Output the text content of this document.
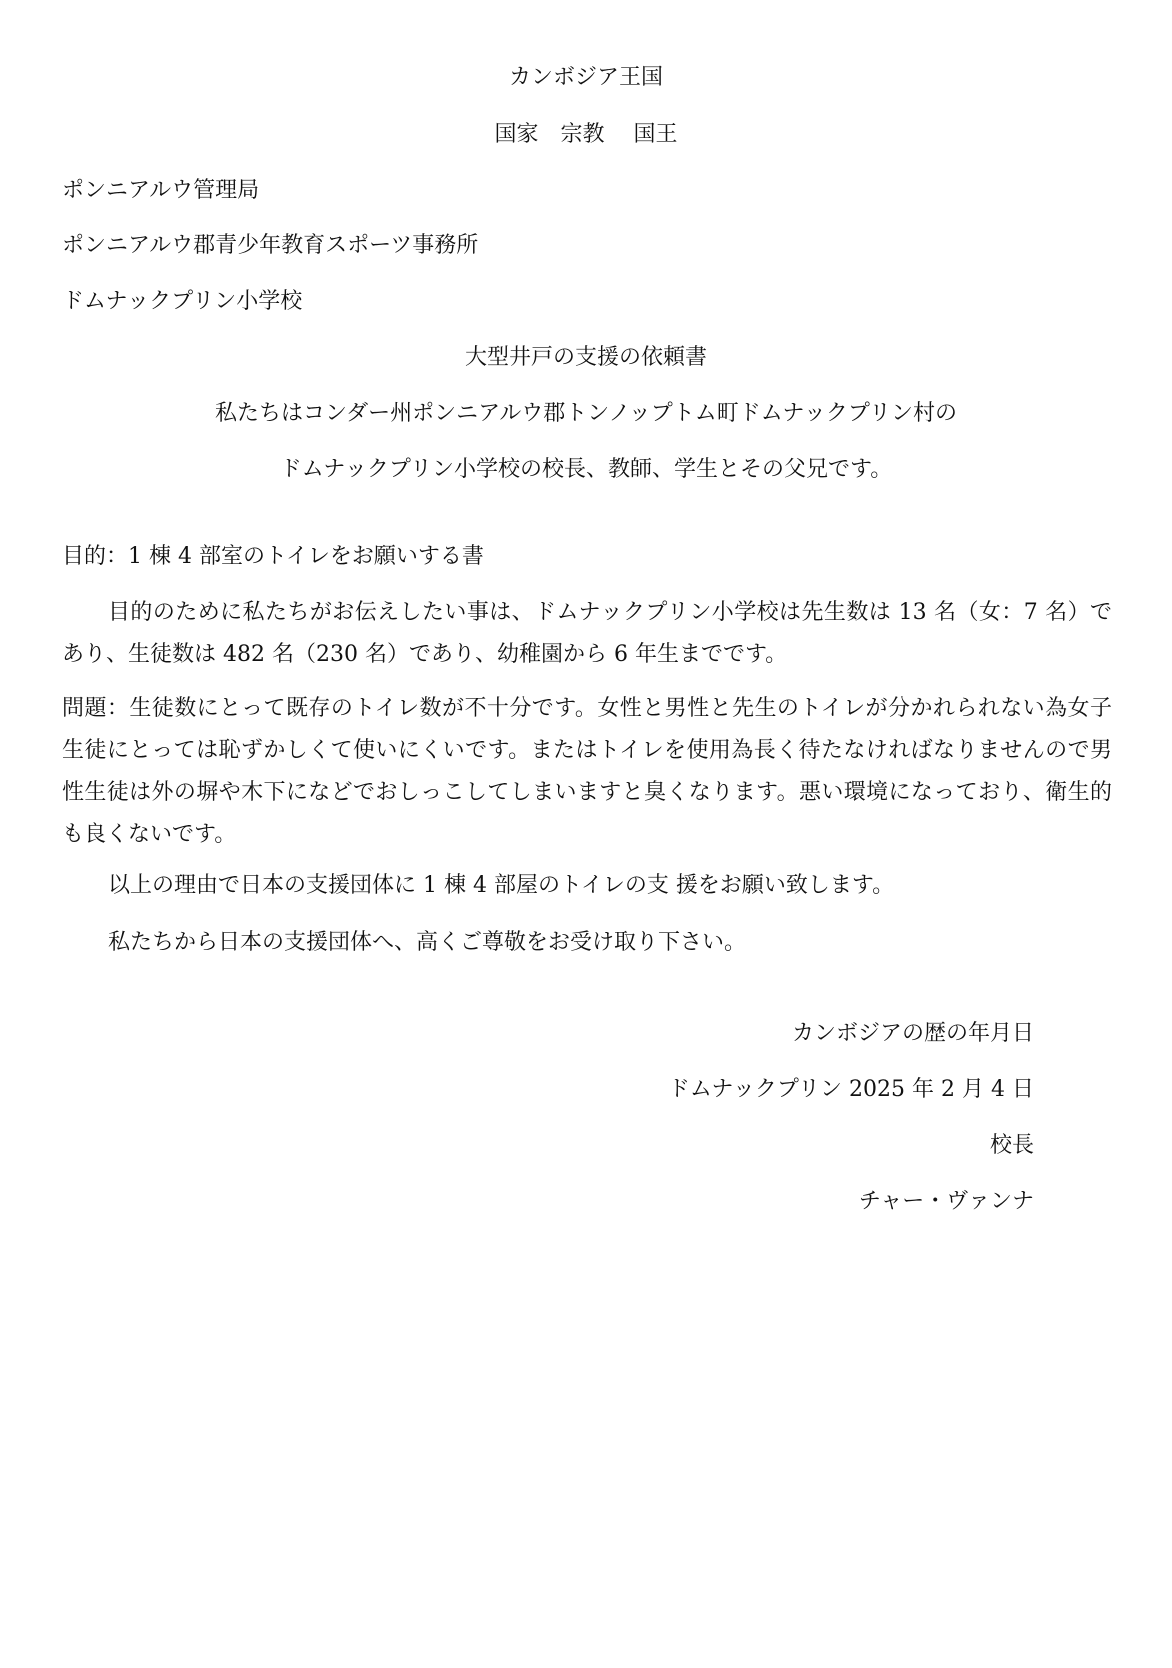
カンボジア王国
国家　宗教　 国王
ポンニアルウ管理局
ポンニアルウ郡青少年教育スポーツ事務所
ドムナックプリン小学校
大型井戸の支援の依頼書
私たちはコンダー州ポンニアルウ郡トンノップトム町ドムナックプリン村の
ドムナックプリン小学校の校長、教師、学生とその父兄です。
目的：1 棟 4 部室のトイレをお願いする書

目的のために私たちがお伝えしたい事は、ドムナックプリン小学校は先生数は 13 名（女：7 名）であり、生徒数は 482 名（230 名）であり、幼稚園から 6 年生までです。

問題：生徒数にとって既存のトイレ数が不十分です。女性と男性と先生のトイレが分かれられない為女子生徒にとっては恥ずかしくて使いにくいです。またはトイレを使用為長く待たなければなりませんので男性生徒は外の塀や木下になどでおしっこしてしまいますと臭くなります。悪い環境になっており、衛生的も良くないです。

以上の理由で日本の支援団体に 1 棟 4 部屋のトイレの支 援をお願い致します。
私たちから日本の支援団体へ、高くご尊敬をお受け取り下さい。
カンボジアの歴の年月日
ドムナックプリン 2025 年 2 月 4 日
校長
チャー・ヴァンナ
